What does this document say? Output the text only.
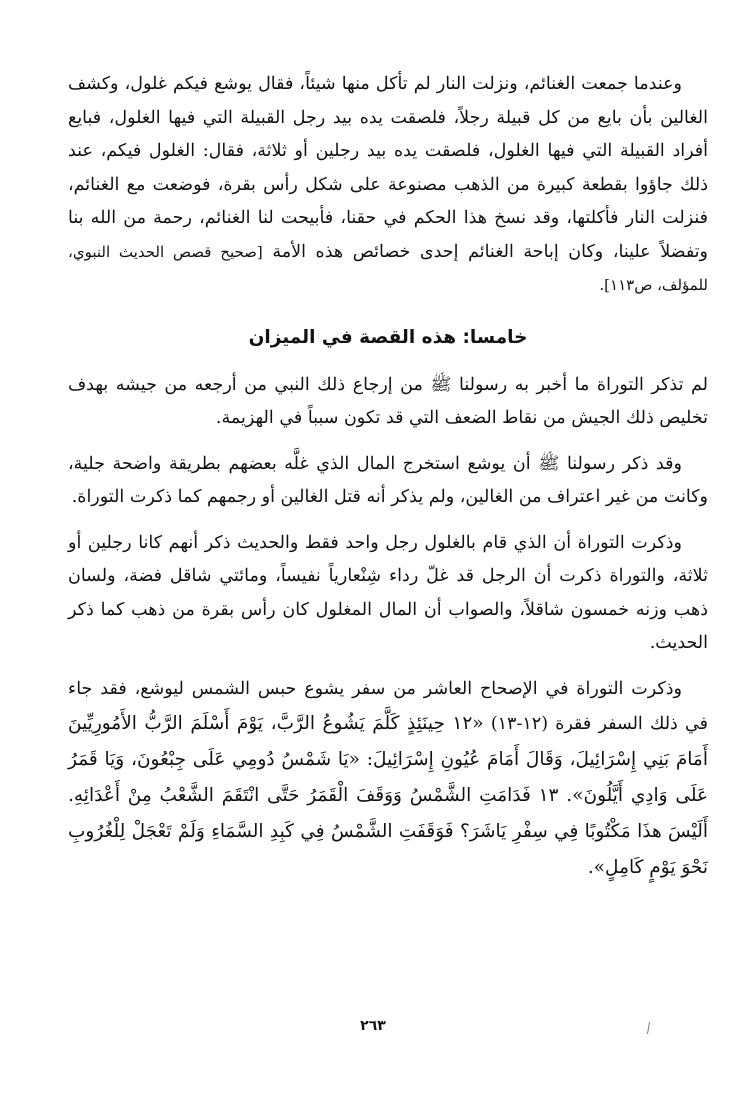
وعندما جمعت الغنائم، ونزلت النار لم تأكل منها شيئاً، فقال يوشع فيكم غلول، وكشف الغالين بأن بايع من كل قبيلة رجلاً، فلصقت يده بيد رجل القبيلة التي فيها الغلول، فبايع أفراد القبيلة التي فيها الغلول، فلصقت يده بيد رجلين أو ثلاثة، فقال: الغلول فيكم، عند ذلك جاؤوا بقطعة كبيرة من الذهب مصنوعة على شكل رأس بقرة، فوضعت مع الغنائم، فنزلت النار فأكلتها، وقد نسخ هذا الحكم في حقنا، فأبيحت لنا الغنائم، رحمة من الله بنا وتفضلاً علينا، وكان إباحة الغنائم إحدى خصائص هذه الأمة [صحيح قصص الحديث النبوي، للمؤلف، ص١١٣].

خامسا: هذه القصة في الميزان

لم تذكر التوراة ما أخبر به رسولنا ﷺ من إرجاع ذلك النبي من أرجعه من جيشه بهدف تخليص ذلك الجيش من نقاط الضعف التي قد تكون سبباً في الهزيمة.

وقد ذكر رسولنا ﷺ أن يوشع استخرج المال الذي غلَّه بعضهم بطريقة واضحة جلية، وكانت من غير اعتراف من الغالين، ولم يذكر أنه قتل الغالين أو رجمهم كما ذكرت التوراة.

وذكرت التوراة أن الذي قام بالغلول رجل واحد فقط والحديث ذكر أنهم كانا رجلين أو ثلاثة، والتوراة ذكرت أن الرجل قد غلّ رداء شِنْعارياً نفيساً، ومائتي شاقل فضة، ولسان ذهب وزنه خمسون شاقلاً، والصواب أن المال المغلول كان رأس بقرة من ذهب كما ذكر الحديث.

وذكرت التوراة في الإصحاح العاشر من سفر يشوع حبس الشمس ليوشع، فقد جاء في ذلك السفر فقرة (١٢-١٣) «١٢ حِينَئِذٍ كَلَّمَ يَشُوعُ الرَّبَّ، يَوْمَ أَسْلَمَ الرَّبُّ الأَمُورِيِّينَ أَمَامَ بَنِي إِسْرَائِيلَ، وَقَالَ أَمَامَ عُيُونِ إِسْرَائِيلَ: «يَا شَمْسُ دُومِي عَلَى جِبْعُونَ، وَيَا قَمَرُ عَلَى وَادِي أَيَّلُونَ». ١٣ فَدَامَتِ الشَّمْسُ وَوَقَفَ الْقَمَرُ حَتَّى انْتَقَمَ الشَّعْبُ مِنْ أَعْدَائِهِ. أَلَيْسَ هذَا مَكْتُوبًا فِي سِفْرِ يَاشَرَ؟ فَوَقَفَتِ الشَّمْسُ فِي كَبِدِ السَّمَاءِ وَلَمْ تَعْجَلْ لِلْغُرُوبِ نَحْوَ يَوْمٍ كَامِلٍ».

٢٦٣
